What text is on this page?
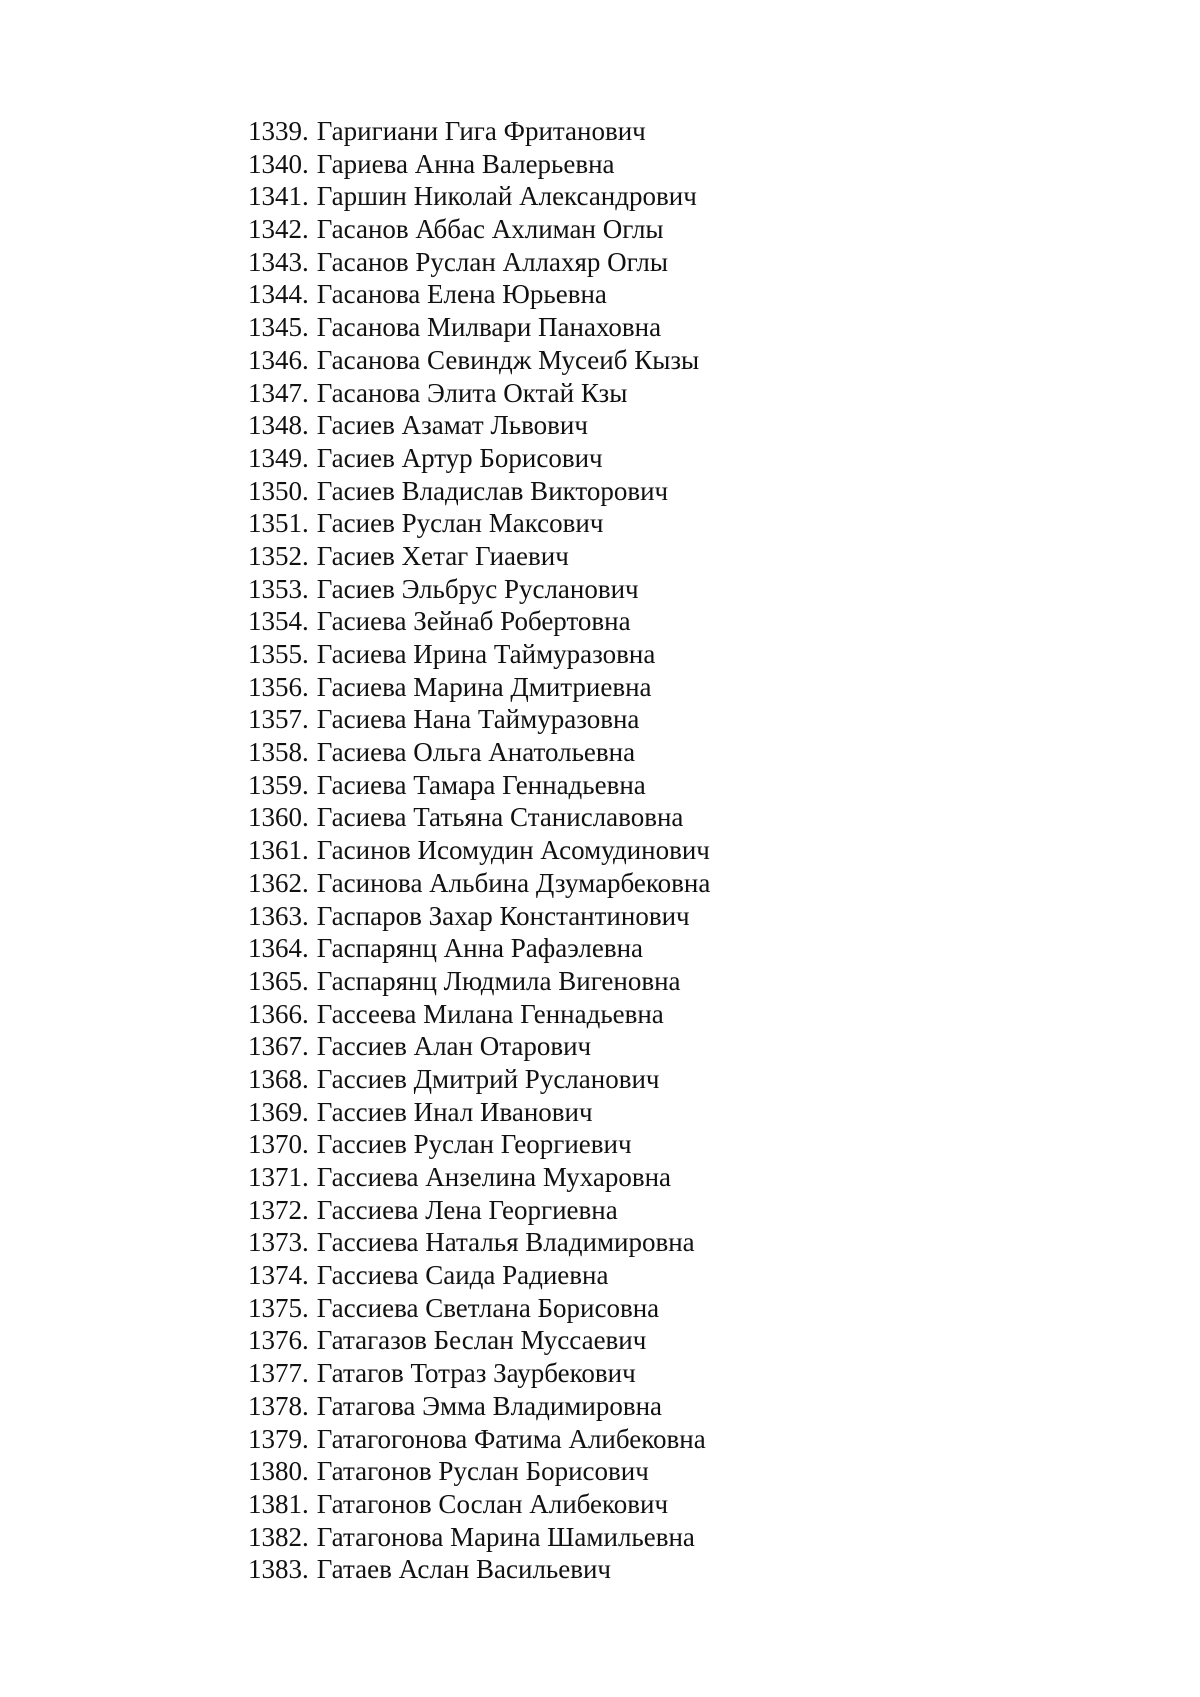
1339. Гаригиани Гига Фританович
1340. Гариева Анна Валерьевна
1341. Гаршин Николай Александрович
1342. Гасанов Аббас Ахлиман Оглы
1343. Гасанов Руслан Аллахяр Оглы
1344. Гасанова Елена Юрьевна
1345. Гасанова Милвари Панаховна
1346. Гасанова Севиндж Мусеиб Кызы
1347. Гасанова Элита Октай Кзы
1348. Гасиев Азамат Львович
1349. Гасиев Артур Борисович
1350. Гасиев Владислав Викторович
1351. Гасиев Руслан Максович
1352. Гасиев Хетаг Гиаевич
1353. Гасиев Эльбрус Русланович
1354. Гасиева Зейнаб Робертовна
1355. Гасиева Ирина Таймуразовна
1356. Гасиева Марина Дмитриевна
1357. Гасиева Нана Таймуразовна
1358. Гасиева Ольга Анатольевна
1359. Гасиева Тамара Геннадьевна
1360. Гасиева Татьяна Станиславовна
1361. Гасинов Исомудин Асомудинович
1362. Гасинова Альбина Дзумарбековна
1363. Гаспаров Захар Константинович
1364. Гаспарянц Анна Рафаэлевна
1365. Гаспарянц Людмила Вигеновна
1366. Гассеева Милана Геннадьевна
1367. Гассиев Алан Отарович
1368. Гассиев Дмитрий Русланович
1369. Гассиев Инал Иванович
1370. Гассиев Руслан Георгиевич
1371. Гассиева Анзелина Мухаровна
1372. Гассиева Лена Георгиевна
1373. Гассиева Наталья Владимировна
1374. Гассиева Саида Радиевна
1375. Гассиева Светлана Борисовна
1376. Гатагазов Беслан Муссаевич
1377. Гатагов Тотраз Заурбекович
1378. Гатагова Эмма Владимировна
1379. Гатагогонова Фатима Алибековна
1380. Гатагонов Руслан Борисович
1381. Гатагонов Сослан Алибекович
1382. Гатагонова Марина Шамильевна
1383. Гатаев Аслан Васильевич
